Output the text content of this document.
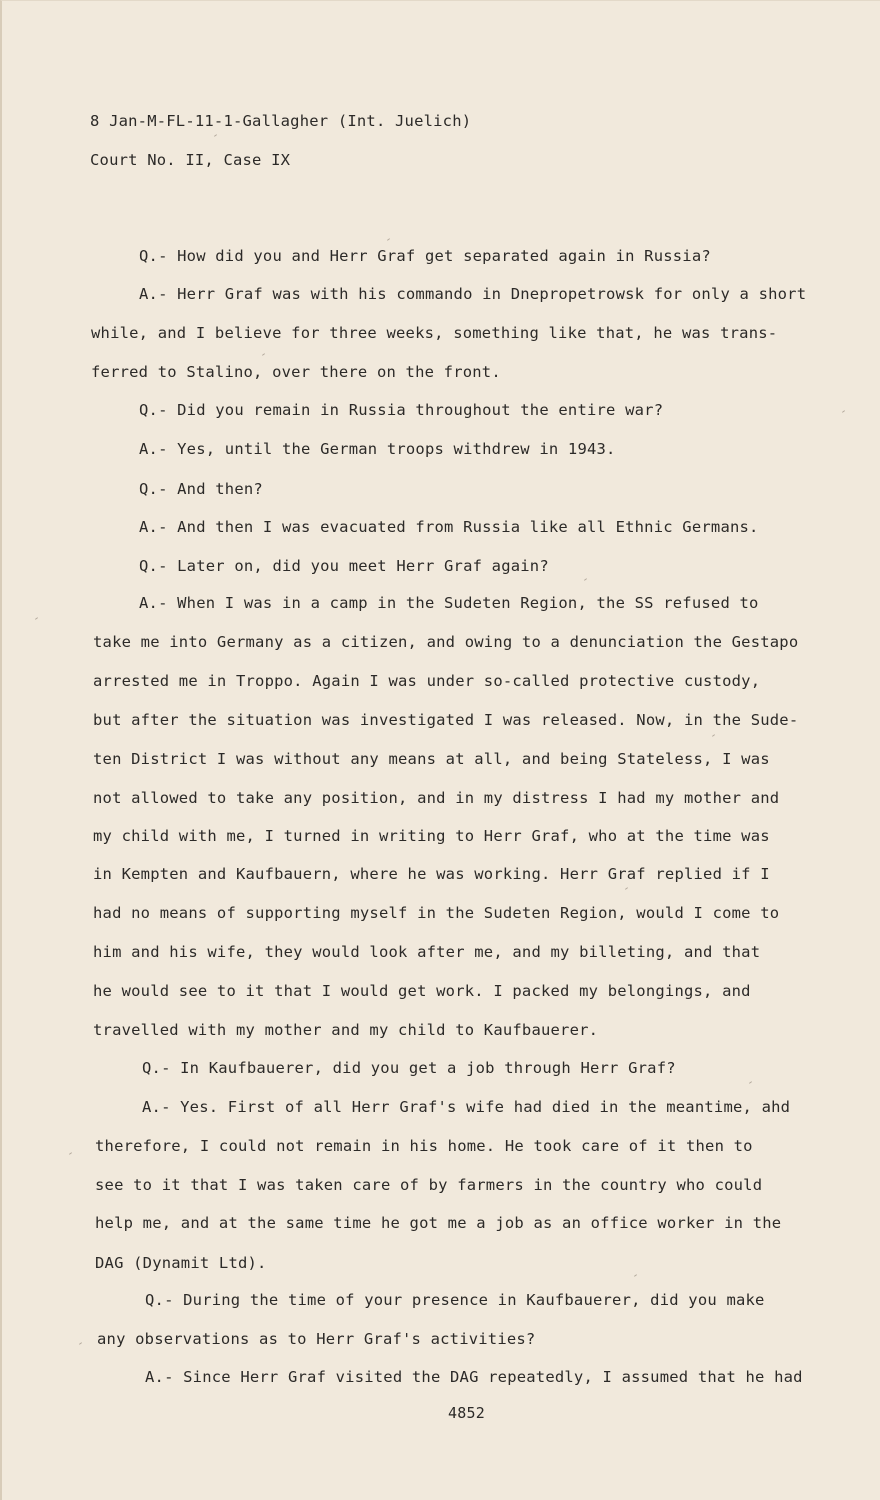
8 Jan-M-FL-11-1-Gallagher (Int. Juelich)
Court No. II, Case IX
Q.- How did you and Herr Graf get separated again in Russia?
A.- Herr Graf was with his commando in Dnepropetrowsk for only a short
while, and I believe for three weeks, something like that, he was trans-
ferred to Stalino, over there on the front.
Q.- Did you remain in Russia throughout the entire war?
A.- Yes, until the German troops withdrew in 1943.
Q.- And then?
A.- And then I was evacuated from Russia like all Ethnic Germans.
Q.- Later on, did you meet Herr Graf again?
A.- When I was in a camp in the Sudeten Region, the SS refused to
take me into Germany as a citizen, and owing to a denunciation the Gestapo
arrested me in Troppo. Again I was under so-called protective custody,
but after the situation was investigated I was released. Now, in the Sude-
ten District I was without any means at all, and being Stateless, I was
not allowed to take any position, and in my distress I had my mother and
my child with me, I turned in writing to Herr Graf, who at the time was
in Kempten and Kaufbauern, where he was working. Herr Graf replied if I
had no means of supporting myself in the Sudeten Region, would I come to
him and his wife, they would look after me, and my billeting, and that
he would see to it that I would get work. I packed my belongings, and
travelled with my mother and my child to Kaufbauerer.
Q.- In Kaufbauerer, did you get a job through Herr Graf?
A.- Yes. First of all Herr Graf's wife had died in the meantime, ahd
therefore, I could not remain in his home. He took care of it then to
see to it that I was taken care of by farmers in the country who could
help me, and at the same time he got me a job as an office worker in the
DAG (Dynamit Ltd).
Q.- During the time of your presence in Kaufbauerer, did you make
any observations as to Herr Graf's activities?
A.- Since Herr Graf visited the DAG repeatedly, I assumed that he had
4852
